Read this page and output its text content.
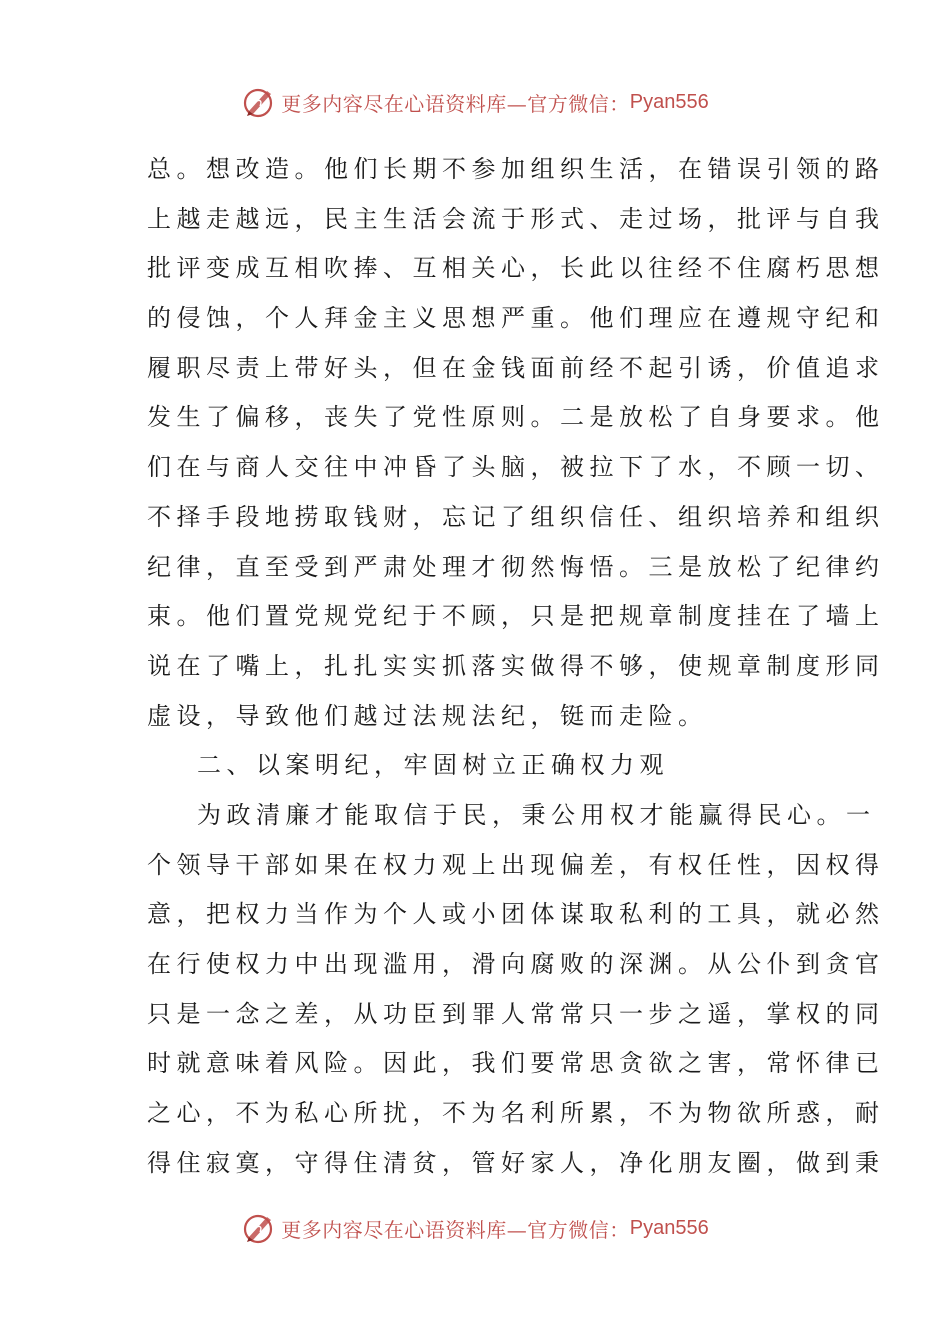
更多内容尽在心语资料库—官方微信： Pyan556
总。想改造。他们长期不参加组织生活，在错误引领的路
上越走越远，民主生活会流于形式、走过场，批评与自我
批评变成互相吹捧、互相关心，长此以往经不住腐朽思想
的侵蚀，个人拜金主义思想严重。他们理应在遵规守纪和
履职尽责上带好头，但在金钱面前经不起引诱，价值追求
发生了偏移，丧失了党性原则。二是放松了自身要求。他
们在与商人交往中冲昏了头脑，被拉下了水，不顾一切、
不择手段地捞取钱财，忘记了组织信任、组织培养和组织
纪律，直至受到严肃处理才彻然悔悟。三是放松了纪律约
束。他们置党规党纪于不顾，只是把规章制度挂在了墙上
说在了嘴上，扎扎实实抓落实做得不够，使规章制度形同
虚设，导致他们越过法规法纪，铤而走险。
二、以案明纪，牢固树立正确权力观
为政清廉才能取信于民，秉公用权才能赢得民心。一
个领导干部如果在权力观上出现偏差，有权任性，因权得
意，把权力当作为个人或小团体谋取私利的工具，就必然
在行使权力中出现滥用，滑向腐败的深渊。从公仆到贪官
只是一念之差，从功臣到罪人常常只一步之遥，掌权的同
时就意味着风险。因此，我们要常思贪欲之害，常怀律已
之心，不为私心所扰，不为名利所累，不为物欲所惑，耐
得住寂寞，守得住清贫，管好家人，净化朋友圈，做到秉
更多内容尽在心语资料库—官方微信： Pyan556
